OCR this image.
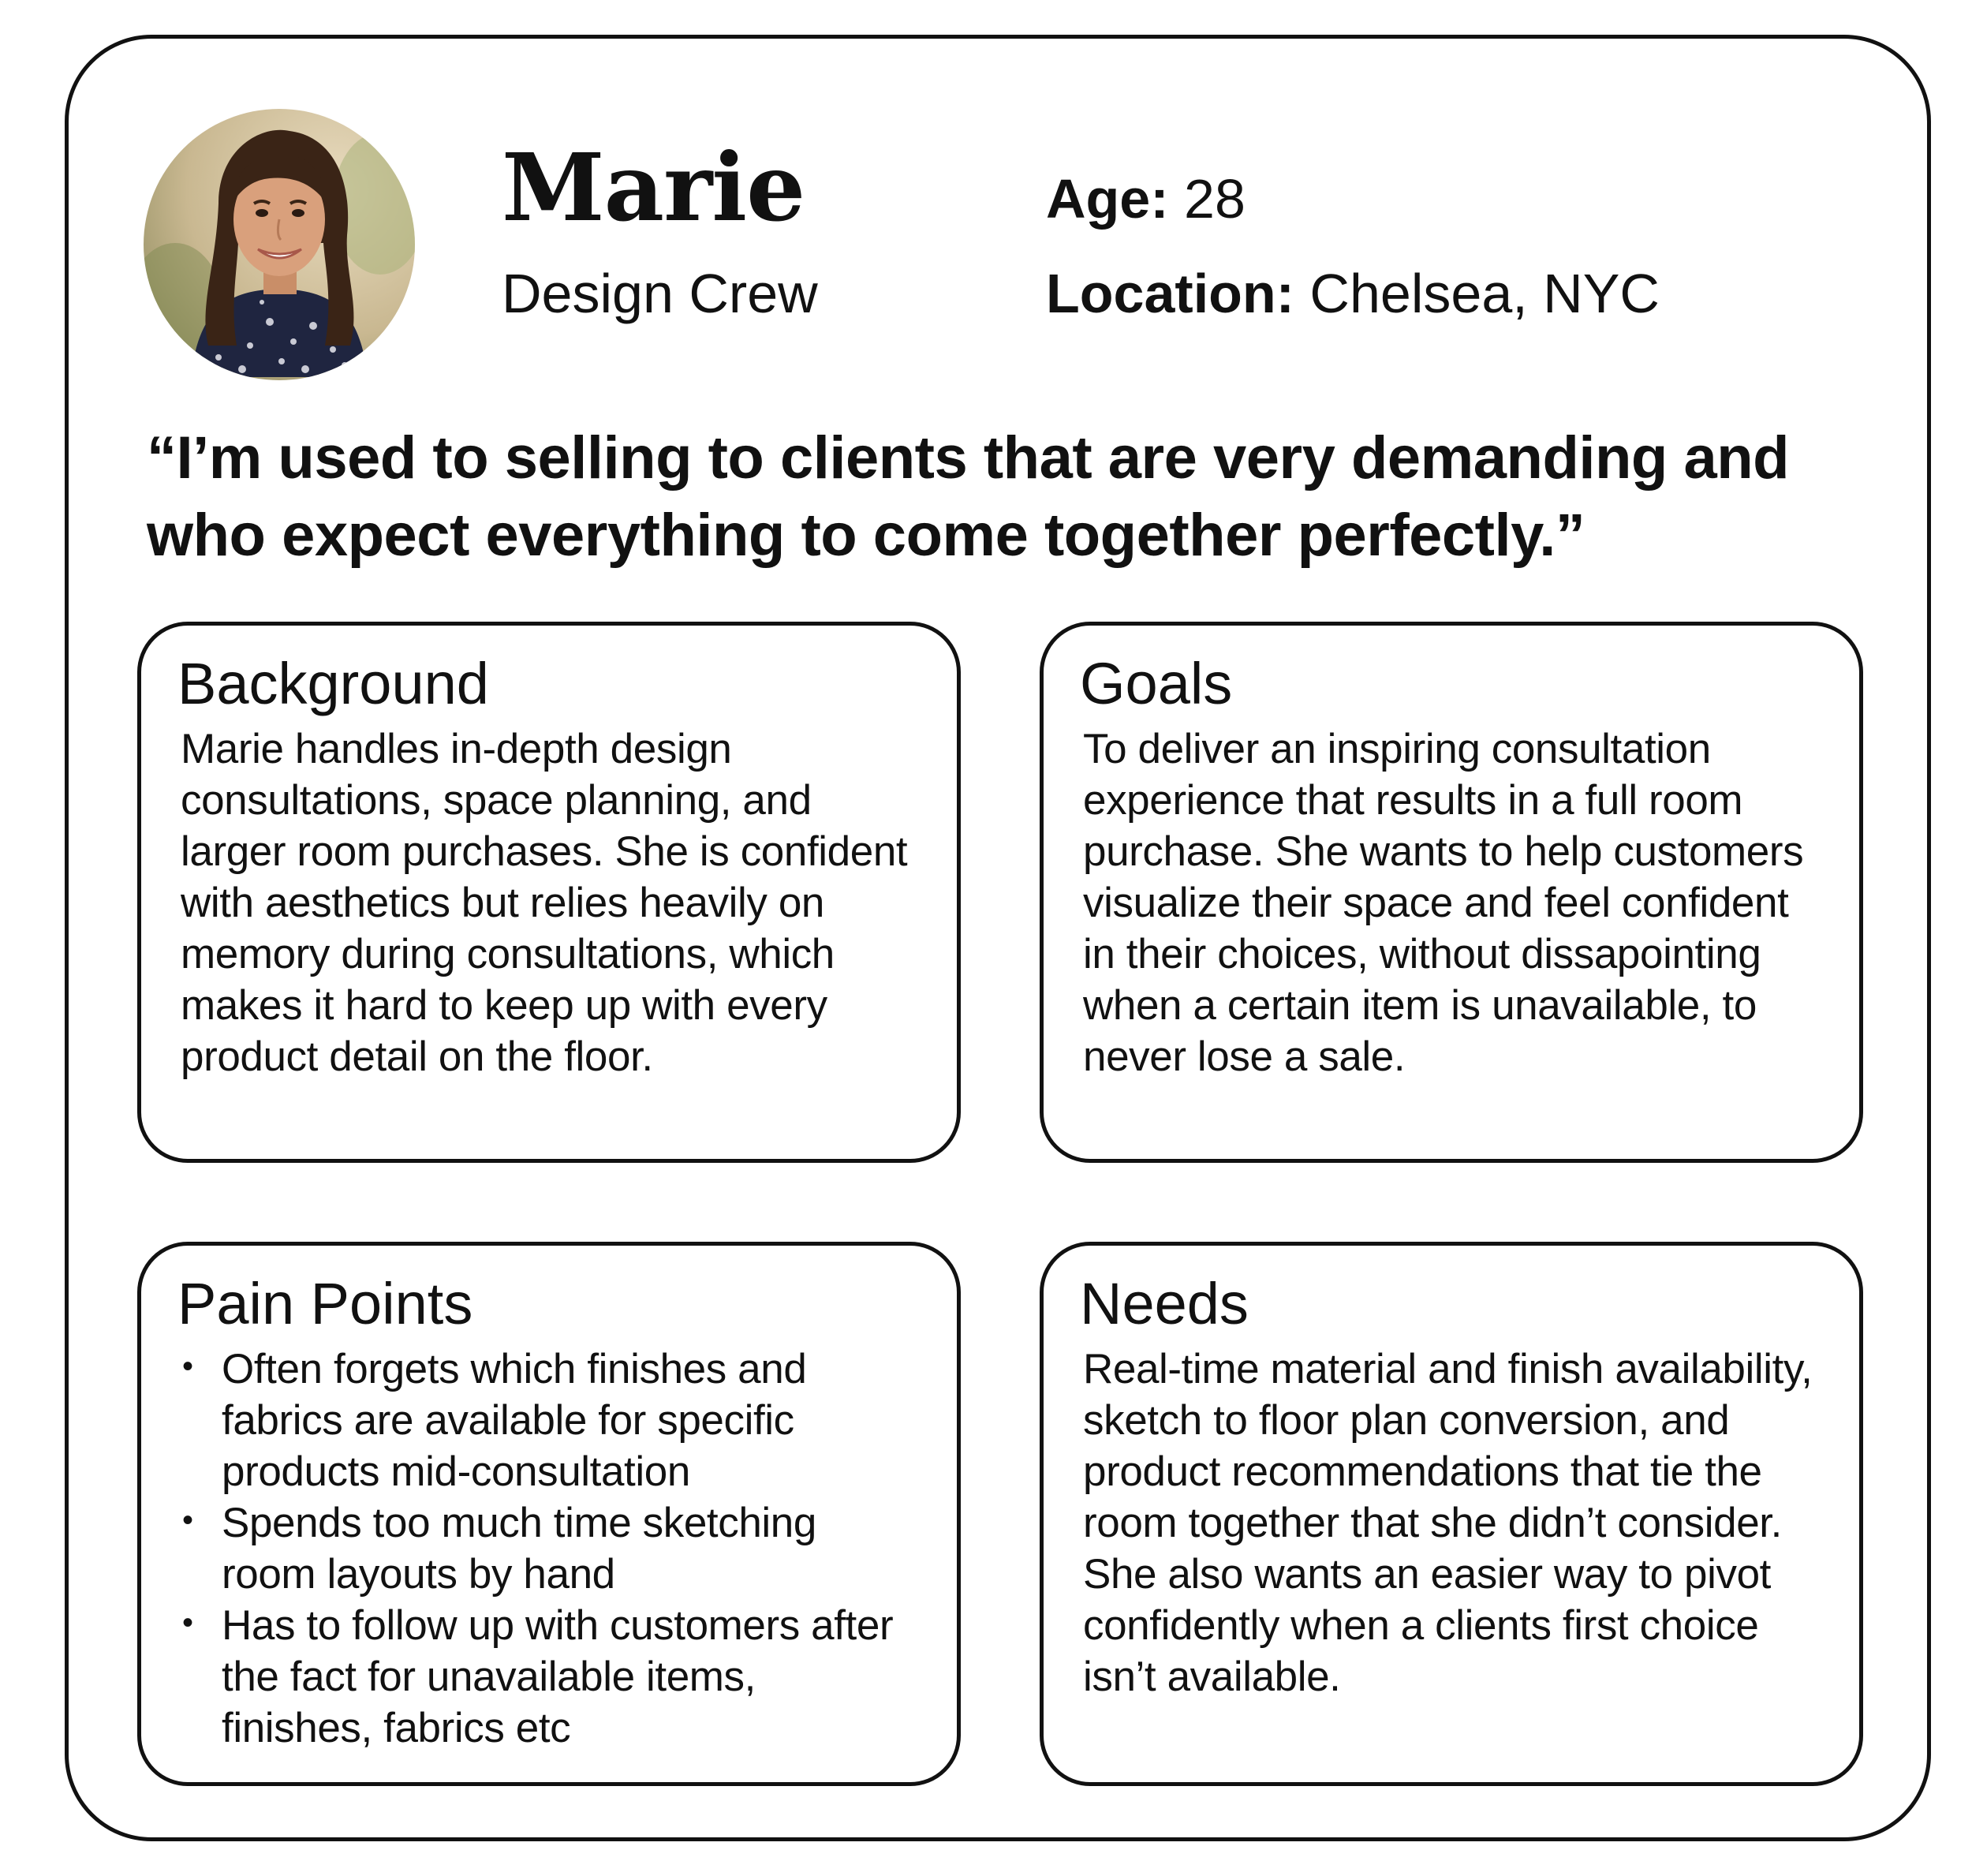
Marie
Design Crew
Age: 28
Location: Chelsea, NYC
“I’m used to selling to clients that are very demanding and who expect everything to come together perfectly.”
Background
Marie handles in-depth design consultations, space planning, and larger room purchases. She is confident with aesthetics but relies heavily on memory during consultations, which makes it hard to keep up with every product detail on the floor.
Goals
To deliver an inspiring consultation experience that results in a full room purchase. She wants to help customers visualize their space and feel confident in their choices, without dissapointing when a certain item is unavailable, to never lose a sale.
Pain Points
• Often forgets which finishes and fabrics are available for specific products mid-consultation
• Spends too much time sketching room layouts by hand
• Has to follow up with customers after the fact for unavailable items, finishes, fabrics etc
Needs
Real-time material and finish availability, sketch to floor plan conversion, and product recommendations that tie the room together that she didn’t consider. She also wants an easier way to pivot confidently when a clients first choice isn’t available.
